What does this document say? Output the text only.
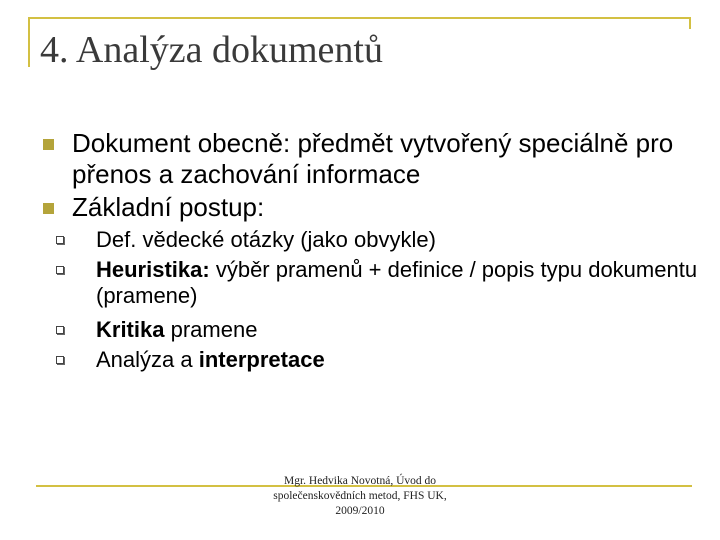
4. Analýza dokumentů
Dokument obecně: předmět vytvořený speciálně pro přenos a zachování informace
Základní postup:
Def. vědecké otázky (jako obvykle)
Heuristika: výběr pramenů + definice / popis typu dokumentu (pramene)
Kritika pramene
Analýza a interpretace
Mgr. Hedvika Novotná, Úvod do
společenskovědních metod, FHS UK,
2009/2010
